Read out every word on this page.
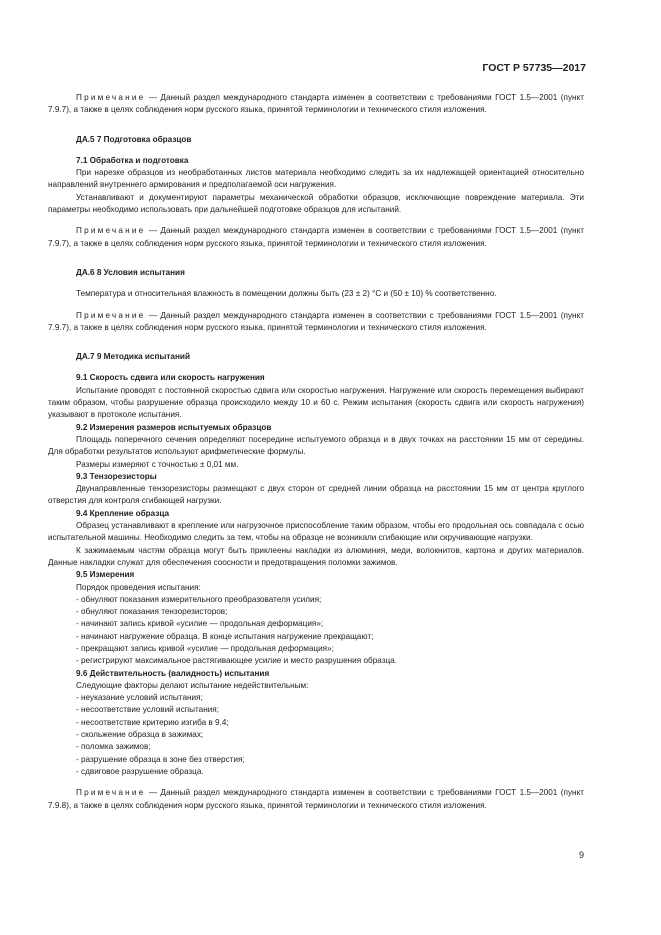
ГОСТ Р 57735—2017

Примечание — Данный раздел международного стандарта изменен в соответствии с требованиями ГОСТ 1.5—2001 (пункт 7.9.7), а также в целях соблюдения норм русского языка, принятой терминологии и технического стиля изложения.

ДА.5 7 Подготовка образцов
7.1 Обработка и подготовка

При нарезке образцов из необработанных листов материала необходимо следить за их надлежащей ориентацией относительно направлений внутреннего армирования и предполагаемой оси нагружения.

Устанавливают и документируют параметры механической обработки образцов, исключающие повреждение материала. Эти параметры необходимо использовать при дальнейшей подготовке образцов для испытаний.

Примечание — Данный раздел международного стандарта изменен в соответствии с требованиями ГОСТ 1.5—2001 (пункт 7.9.7), а также в целях соблюдения норм русского языка, принятой терминологии и технического стиля изложения.

ДА.6 8 Условия испытания

Температура и относительная влажность в помещении должны быть (23 ± 2) °С и (50 ± 10) % соответственно.

Примечание — Данный раздел международного стандарта изменен в соответствии с требованиями ГОСТ 1.5—2001 (пункт 7.9.7), а также в целях соблюдения норм русского языка, принятой терминологии и технического стиля изложения.

ДА.7 9 Методика испытаний
9.1 Скорость сдвига или скорость нагружения

Испытание проводят с постоянной скоростью сдвига или скоростью нагружения. Нагружение или скорость перемещения выбирают таким образом, чтобы разрушение образца происходило между 10 и 60 с. Режим испытания (скорость сдвига или скорость нагружения) указывают в протоколе испытания.

9.2 Измерения размеров испытуемых образцов

Площадь поперечного сечения определяют посередине испытуемого образца и в двух точках на расстоянии 15 мм от середины. Для обработки результатов используют арифметические формулы.

Размеры измеряют с точностью ± 0,01 мм.

9.3 Тензорезисторы

Двунаправленные тензорезисторы размещают с двух сторон от средней линии образца на расстоянии 15 мм от центра круглого отверстия для контроля сгибающей нагрузки.

9.4 Крепление образца

Образец устанавливают в крепление или нагрузочное приспособление таким образом, чтобы его продольная ось совпадала с осью испытательной машины. Необходимо следить за тем, чтобы на образце не возникали сгибающие или скручивающие нагрузки.

К зажимаемым частям образца могут быть приклеены накладки из алюминия, меди, волокнитов, картона и других материалов. Данные накладки служат для обеспечения соосности и предотвращения поломки зажимов.

9.5 Измерения

Порядок проведения испытания:

- обнуляют показания измерительного преобразователя усилия;

- обнуляют показания тензорезисторов;

- начинают запись кривой «усилие — продольная деформация»;

- начинают нагружение образца. В конце испытания нагружение прекращают;

- прекращают запись кривой «усилие — продольная деформация»;

- регистрируют максимальное растягивающее усилие и место разрушения образца.

9.6 Действительность (валидность) испытания

Следующие факторы делают испытание недействительным:

- неуказание условий испытания;

- несоответствие условий испытания;

- несоответствие критерию изгиба в 9.4;

- скольжение образца в зажимах;

- поломка зажимов;

- разрушение образца в зоне без отверстия;

- сдвиговое разрушение образца.

Примечание — Данный раздел международного стандарта изменен в соответствии с требованиями ГОСТ 1.5—2001 (пункт 7.9.8), а также в целях соблюдения норм русского языка, принятой терминологии и технического стиля изложения.

9
